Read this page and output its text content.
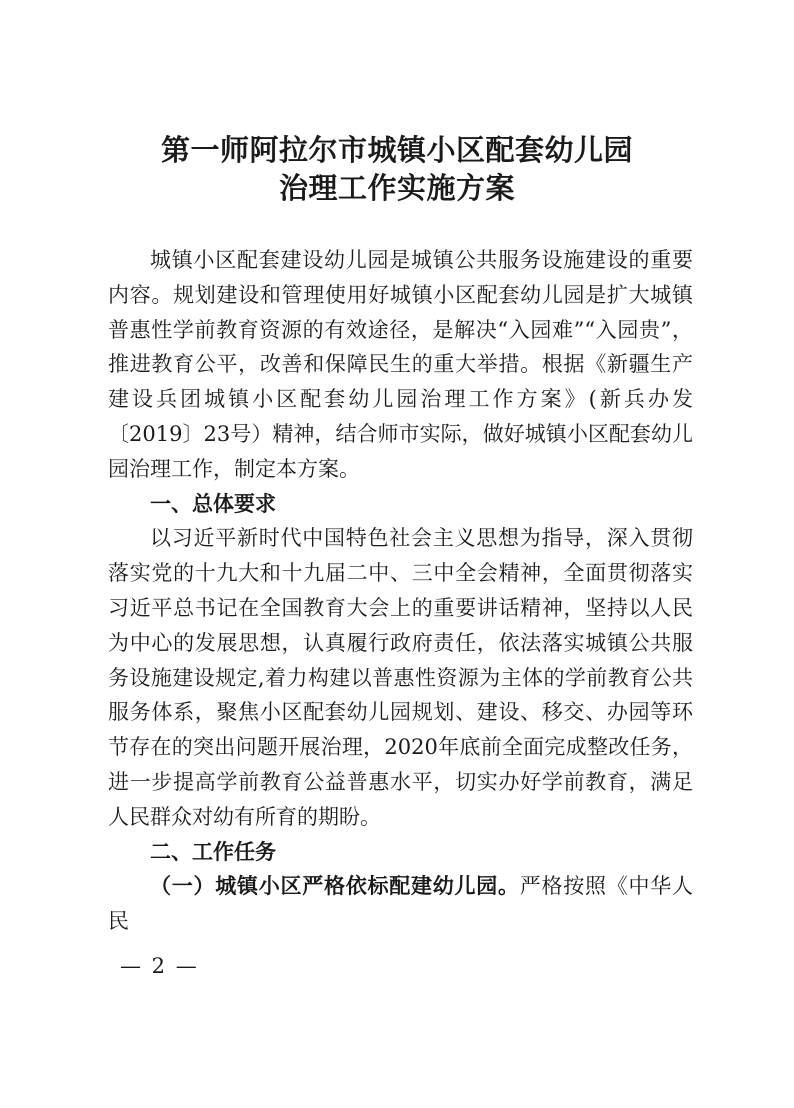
第一师阿拉尔市城镇小区配套幼儿园
治理工作实施方案

城镇小区配套建设幼儿园是城镇公共服务设施建设的重要内容。规划建设和管理使用好城镇小区配套幼儿园是扩大城镇普惠性学前教育资源的有效途径，是解决“入园难”“入园贵”，推进教育公平，改善和保障民生的重大举措。根据《新疆生产建设兵团城镇小区配套幼儿园治理工作方案》(新兵办发〔2019〕23号）精神，结合师市实际，做好城镇小区配套幼儿园治理工作，制定本方案。

一、总体要求

以习近平新时代中国特色社会主义思想为指导，深入贯彻落实党的十九大和十九届二中、三中全会精神，全面贯彻落实习近平总书记在全国教育大会上的重要讲话精神，坚持以人民为中心的发展思想，认真履行政府责任，依法落实城镇公共服务设施建设规定,着力构建以普惠性资源为主体的学前教育公共服务体系，聚焦小区配套幼儿园规划、建设、移交、办园等环节存在的突出问题开展治理，2020年底前全面完成整改任务，进一步提高学前教育公益普惠水平，切实办好学前教育，满足人民群众对幼有所育的期盼。

二、工作任务

（一）城镇小区严格依标配建幼儿园。严格按照《中华人民

— 2 —
